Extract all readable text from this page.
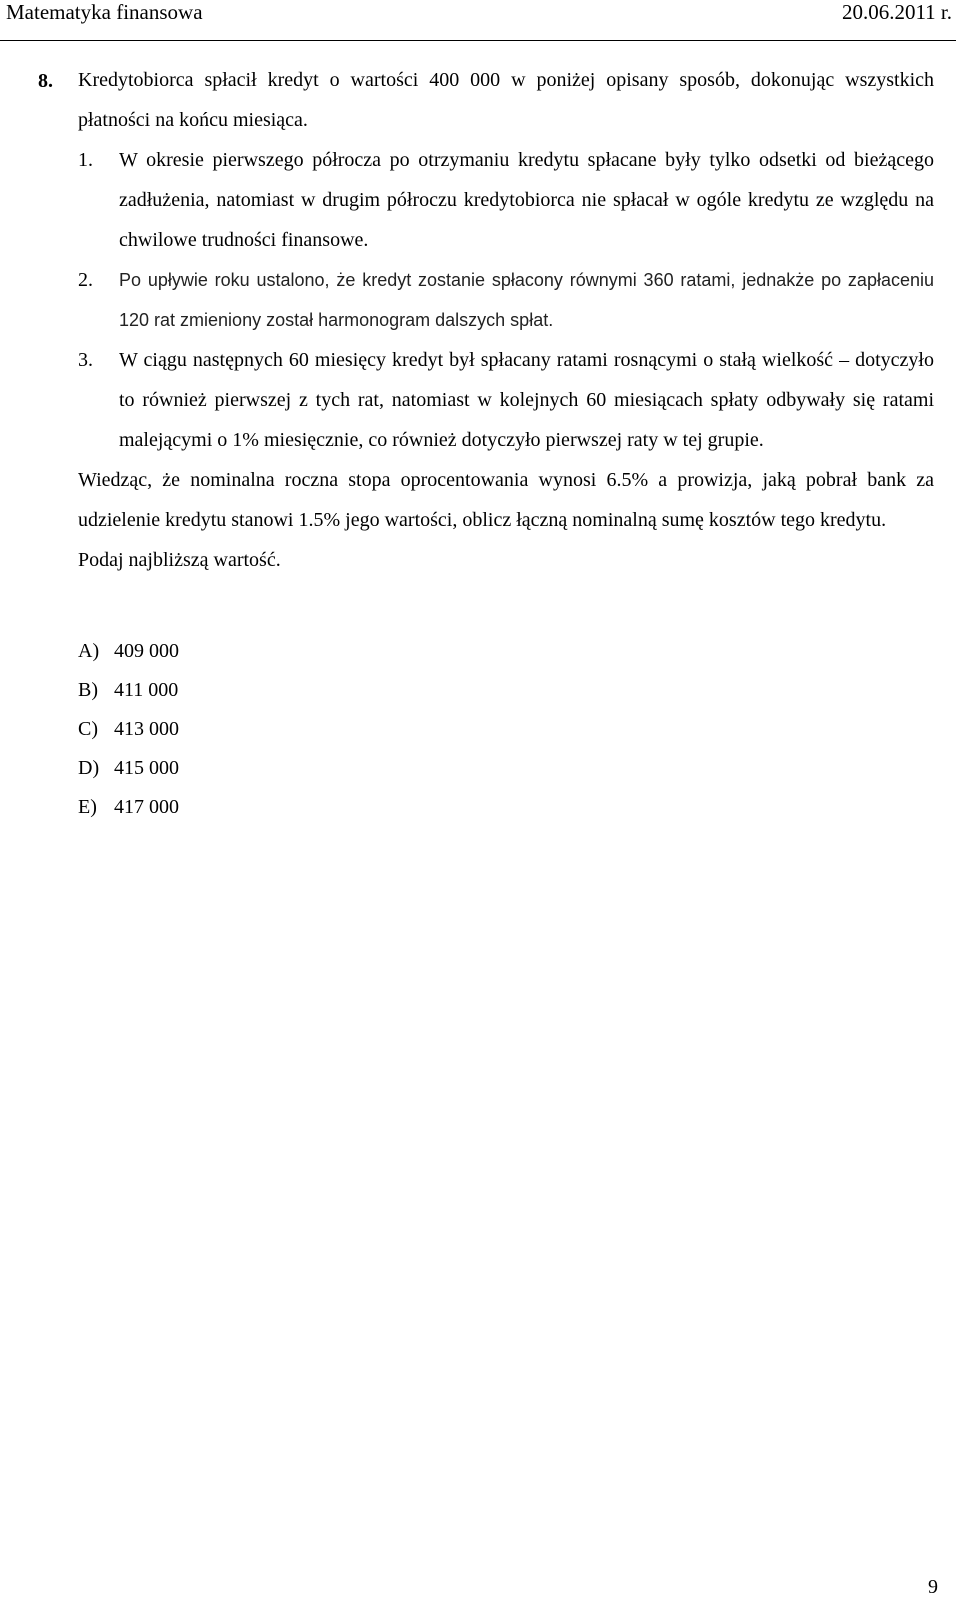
Matematyka finansowa	20.06.2011 r.
8. Kredytobiorca spłacił kredyt o wartości 400 000 w poniżej opisany sposób, dokonując wszystkich płatności na końcu miesiąca.

1. W okresie pierwszego półrocza po otrzymaniu kredytu spłacane były tylko odsetki od bieżącego zadłużenia, natomiast w drugim półroczu kredytobiorca nie spłacał w ogóle kredytu ze względu na chwilowe trudności finansowe.

2. Po upływie roku ustalono, że kredyt zostanie spłacony równymi 360 ratami, jednakże po zapłaceniu 120 rat zmieniony został harmonogram dalszych spłat.

3. W ciągu następnych 60 miesięcy kredyt był spłacany ratami rosnącymi o stałą wielkość – dotyczyło to również pierwszej z tych rat, natomiast w kolejnych 60 miesiącach spłaty odbywały się ratami malejącymi o 1% miesięcznie, co również dotyczyło pierwszej raty w tej grupie.

Wiedząc, że nominalna roczna stopa oprocentowania wynosi 6.5% a prowizja, jaką pobrał bank za udzielenie kredytu stanowi 1.5% jego wartości, oblicz łączną nominalną sumę kosztów tego kredytu.

Podaj najbliższą wartość.

A) 409 000
B) 411 000
C) 413 000
D) 415 000
E) 417 000
9
